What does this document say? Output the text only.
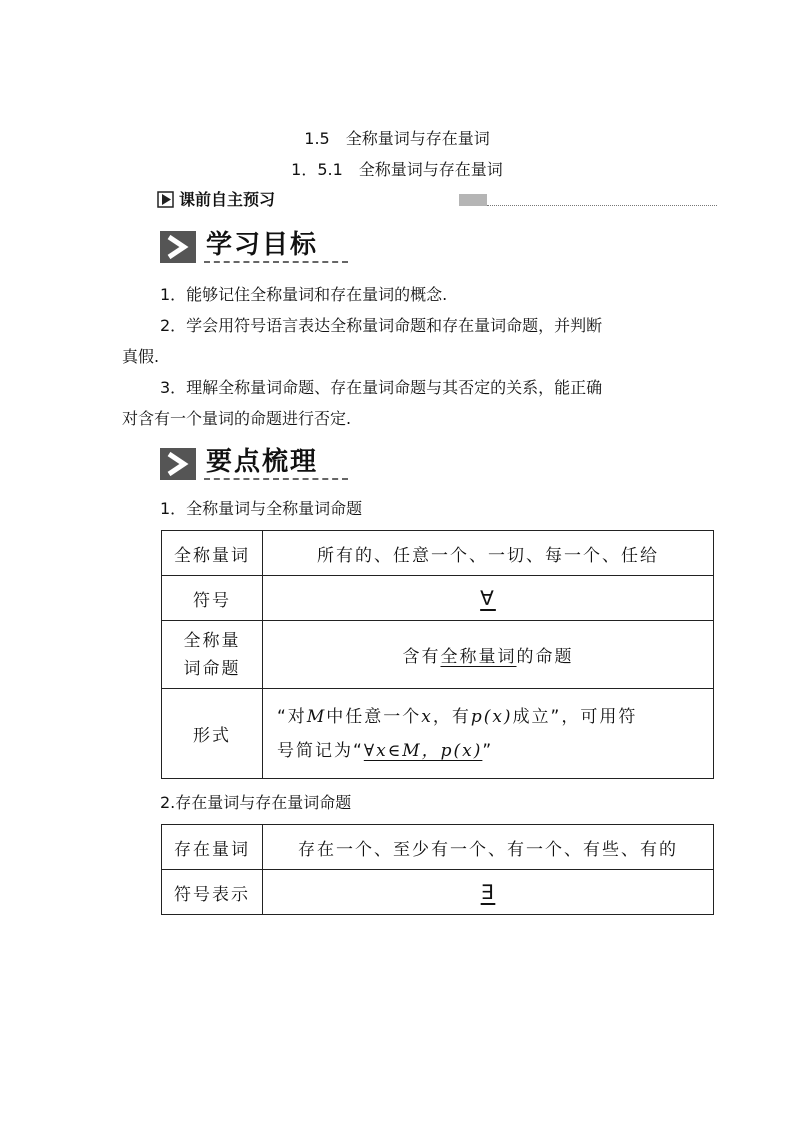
1.5　全称量词与存在量词
1．5.1　全称量词与存在量词
课前自主预习
学习目标
1．能够记住全称量词和存在量词的概念.
2．学会用符号语言表达全称量词命题和存在量词命题，并判断
真假.
3．理解全称量词命题、存在量词命题与其否定的关系，能正确
对含有一个量词的命题进行否定.
要点梳理
1．全称量词与全称量词命题
全称量词	所有的、任意一个、一切、每一个、任给
符号	∀
全称量
词命题	含有全称量词的命题
形式	“对M中任意一个x，有p(x)成立”，可用符
号简记为“∀x∈M，p(x)”
2.存在量词与存在量词命题
存在量词	存在一个、至少有一个、有一个、有些、有的
符号表示	∃
